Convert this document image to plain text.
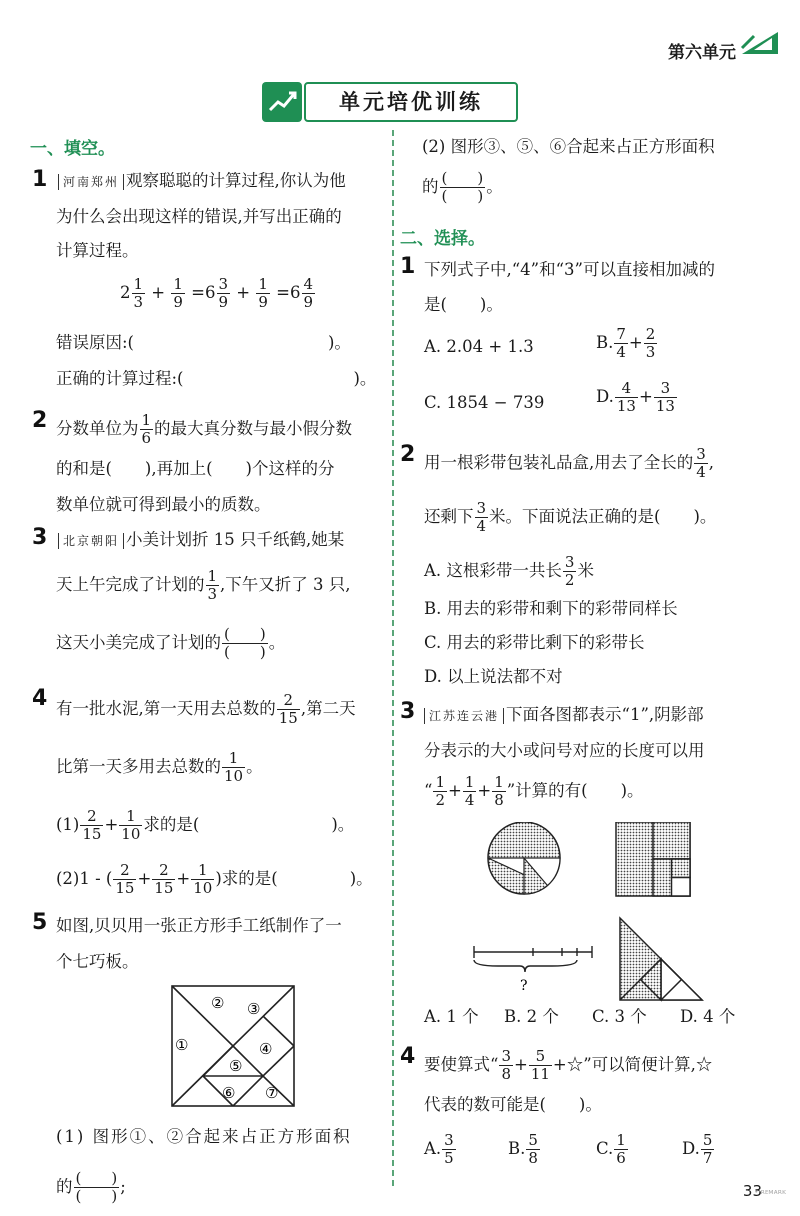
第六单元
单元培优训练
一、填空。
1	河南郑州 观察聪聪的计算过程,你认为他
为什么会出现这样的错误,并写出正确的
计算过程。
$2 \frac{1}{3} + \frac{1}{9} =6 \frac{3}{9} + \frac{1}{9} =6 \frac{4}{9}$
错误原因:(	)。
正确的计算过程:(	)。
2 分数单位为 $\frac{1}{6}$ 的最大真分数与最小假分数
的和是(　　),再加上(　　)个这样的分
数单位就可得到最小的质数。
3	北京朝阳 小美计划折 15 只千纸鹤,她某
天上午完成了计划的 $\frac{1}{3}$ ,下午又折了 3 只,
这天小美完成了计划的 $\frac{( )}{( )}$ 。
4 有一批水泥,第一天用去总数的 $\frac{2}{15}$ ,第二天
比第一天多用去总数的 $\frac{1}{10}$ 。
$(1) \frac{2}{15} + \frac{1}{10}$ 求的是(	)。
(2)1 - ( $\frac{2}{15} + \frac{2}{15} + \frac{1}{10}$ )求的是(	)。
5 如图,贝贝用一张正方形手工纸制作了一
个七巧板。
② ③
①	④
⑤
⑥ ⑦
(1) 图形①、②合起来占正方形面积
的 $\frac{( )}{( )}$ ;
(2) 图形③、⑤、⑥合起来占正方形面积
的 $\frac{( )}{( )}$ 。
二、选择。
1 下列式子中,“4”和“3”可以直接相加减的
是(　　)。
A. 2.04 + 1.3	B. $\frac{7}{4} + \frac{2}{3}$
C. 1854 − 739	D. $\frac{4}{13} + \frac{3}{13}$
2 用一根彩带包装礼品盒,用去了全长的 $\frac{3}{4}$ ,
还剩下 $\frac{3}{4}$ 米。下面说法正确的是(　　)。
A. 这根彩带一共长 $\frac{3}{2}$ 米
B. 用去的彩带和剩下的彩带同样长
C. 用去的彩带比剩下的彩带长
D. 以上说法都不对
3	江苏连云港 下面各图都表示“1”,阴影部
分表示的大小或问号对应的长度可以用
“ $\frac{1}{2} + \frac{1}{4} + \frac{1}{8}$ ”计算的有(　　)。
?
A. 1 个 B. 2 个 C. 3 个 D. 4 个
4 要使算式“ $\frac{3}{8} + \frac{5}{11}$ +☆”可以简便计算,☆
代表的数可能是(　　)。
A. $\frac{3}{5}$	B. $\frac{5}{8}$	C. $\frac{1}{6}$	D. $\frac{5}{7}$
33
•·ʀᴇᴍᴀʀᴋ
